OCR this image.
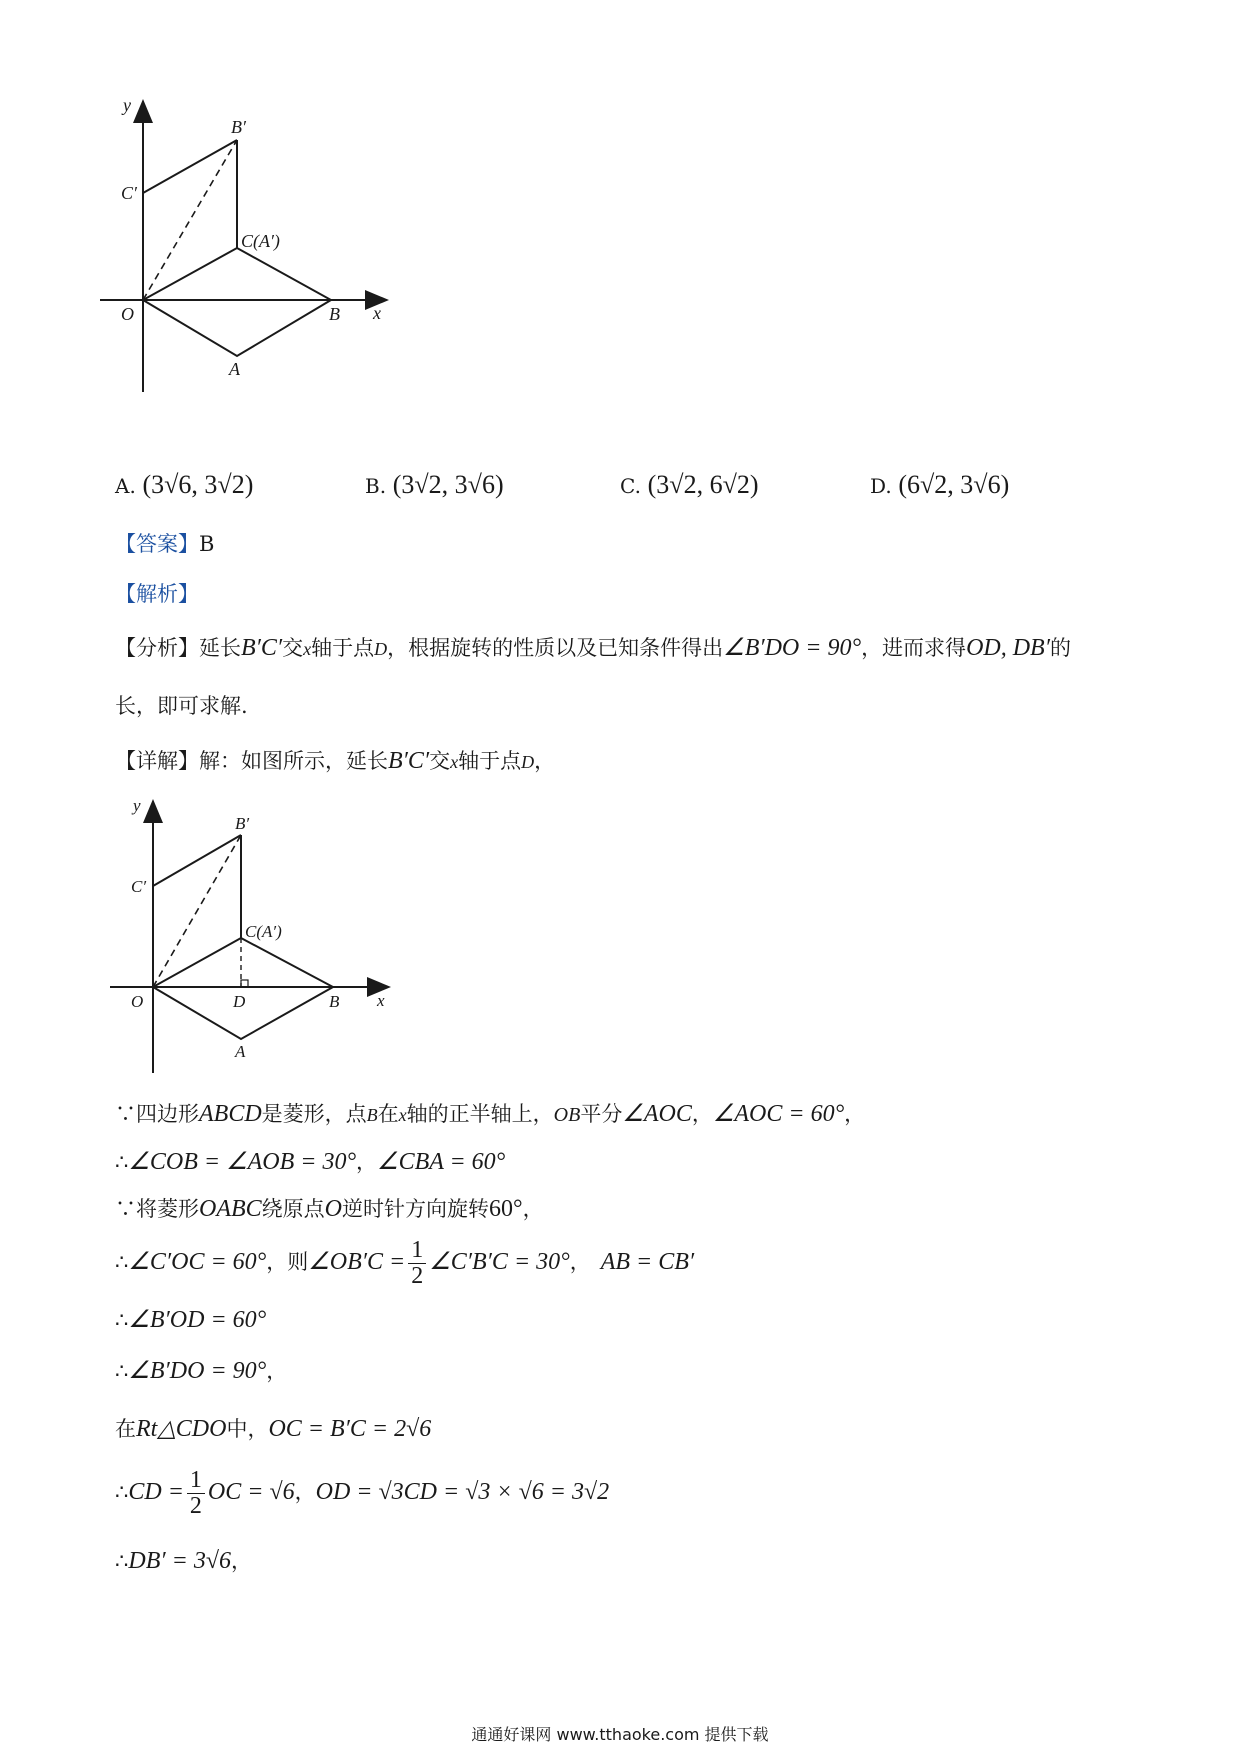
y
x
O	B
A
C(A′)
C′
B′
A. (3√6, 3√2)	B. (3√2, 3√6)	C. (3√2, 6√2)	D. (6√2, 3√6)
【答案】B
【解析】
【分析】延长B′C′交x轴于点D，根据旋转的性质以及已知条件得出∠B′DO = 90°，进而求得OD, DB′的
长，即可求解.
【详解】解：如图所示，延长B′C′交x轴于点D，
y
x
O	D	B
A
C(A′)
C′
B′
∵四边形ABCD是菱形，点B在x轴的正半轴上，OB平分∠AOC，∠AOC = 60°，
∴∠COB = ∠AOB = 30°，∠CBA = 60°
∵将菱形OABC绕原点O逆时针方向旋转60°，
∴∠C′OC = 60°，则∠OB′C = $\frac{1}{2}$ ∠C′B′C = 30°， AB = CB′
∴∠B′OD = 60°
∴∠B′DO = 90°，
在Rt△CDO中，OC = B′C = 2√6
∴CD = $\frac{1}{2}$ OC = √6，OD = √3CD = √3 × √6 = 3√2
∴DB′ = 3√6，
通通好课网 www.tthaoke.com 提供下载
